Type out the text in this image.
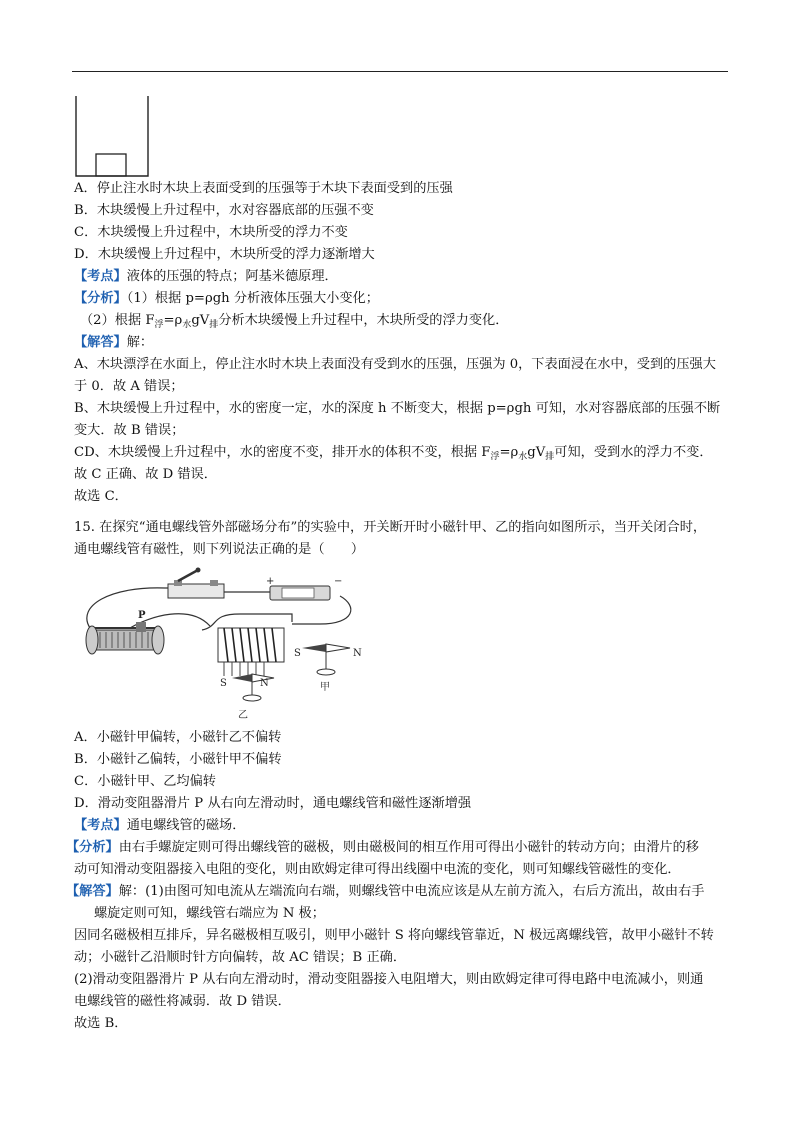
A．停止注水时木块上表面受到的压强等于木块下表面受到的压强
B．木块缓慢上升过程中，水对容器底部的压强不变
C．木块缓慢上升过程中，木块所受的浮力不变
D．木块缓慢上升过程中，木块所受的浮力逐渐增大
【考点】液体的压强的特点；阿基米德原理．
【分析】（1）根据 p=ρgh 分析液体压强大小变化；
（2）根据 $F_浮=\rho_水gV_排$分析木块缓慢上升过程中，木块所受的浮力变化．
【解答】解：
A、木块漂浮在水面上，停止注水时木块上表面没有受到水的压强，压强为 0，下表面浸在水中，受到的压强大
于 0．故 A 错误；
B、木块缓慢上升过程中，水的密度一定，水的深度 h 不断变大，根据 p=ρgh 可知，水对容器底部的压强不断
变大．故 B 错误；
CD、木块缓慢上升过程中，水的密度不变，排开水的体积不变，根据 $F_浮=\rho_水gV_排$可知，受到水的浮力不变．
故 C 正确、故 D 错误．
故选 C．
15. 在探究“通电螺线管外部磁场分布”的实验中，开关断开时小磁针甲、乙的指向如图所示，当开关闭合时，
通电螺线管有磁性，则下列说法正确的是（　　）
+	−
P
S	N
甲
S	N
乙
A．小磁针甲偏转，小磁针乙不偏转
B．小磁针乙偏转，小磁针甲不偏转
C．小磁针甲、乙均偏转
D．滑动变阻器滑片 P 从右向左滑动时，通电螺线管和磁性逐渐增强
【考点】通电螺线管的磁场．
【分析】由右手螺旋定则可得出螺线管的磁极，则由磁极间的相互作用可得出小磁针的转动方向；由滑片的移
动可知滑动变阻器接入电阻的变化，则由欧姆定律可得出线圈中电流的变化，则可知螺线管磁性的变化．
【解答】解：(1)由图可知电流从左端流向右端，则螺线管中电流应该是从左前方流入，右后方流出，故由右手
螺旋定则可知，螺线管右端应为 N 极；
因同名磁极相互排斥，异名磁极相互吸引，则甲小磁针 S 将向螺线管靠近，N 极远离螺线管，故甲小磁针不转
动；小磁针乙沿顺时针方向偏转，故 AC 错误；B 正确．
(2)滑动变阻器滑片 P 从右向左滑动时，滑动变阻器接入电阻增大，则由欧姆定律可得电路中电流减小，则通
电螺线管的磁性将减弱．故 D 错误．
故选 B．
